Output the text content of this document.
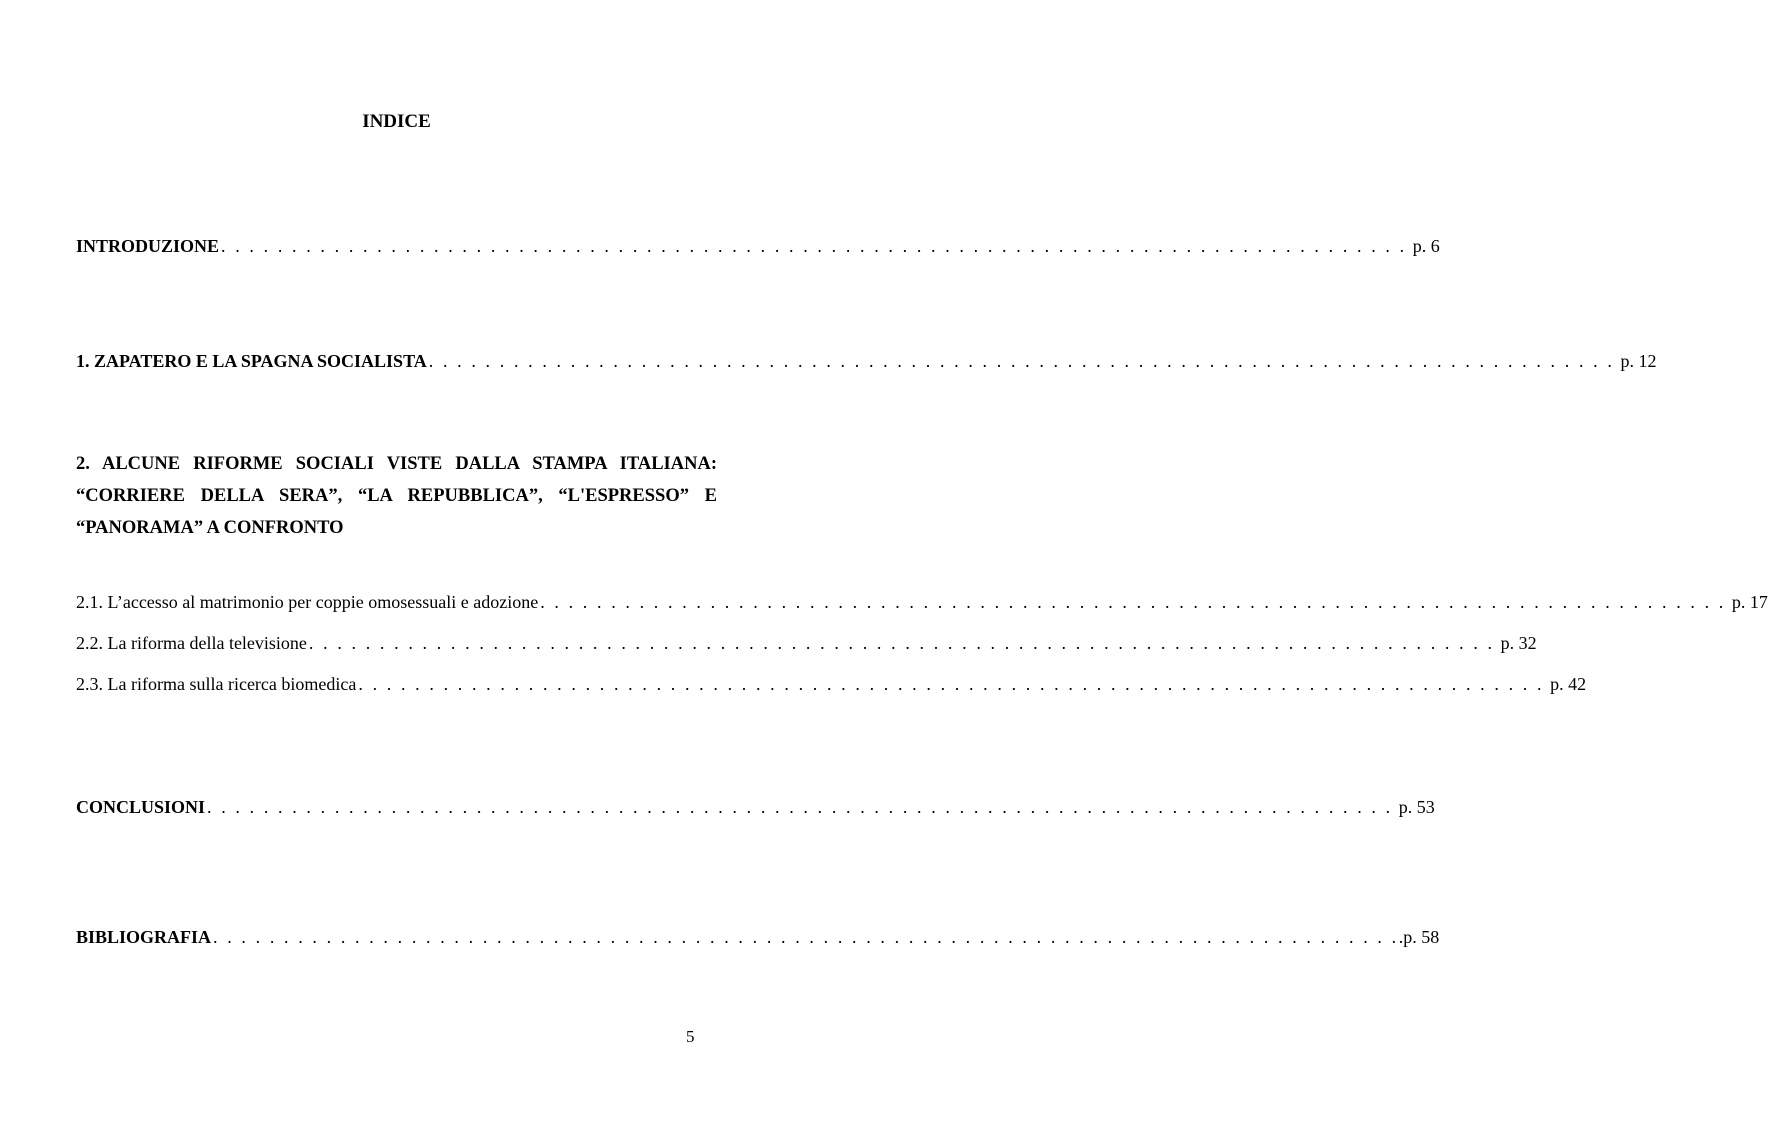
INDICE
INTRODUZIONE . . . . . . . . . . . . . . . . . . . . . . . . . . . . . . . . . . . . . . . . . . . . . . . . . . . . . . . . . . . . . . . . . . . . . . . . . . . . . . . . . . . . p. 6
1. ZAPATERO E LA SPAGNA SOCIALISTA . . . . . . . . . . . . . . . . . . . . . . . . . . . . . . . . . . . . . . . . . . . . . . . . . . . . . . . . . . . . . . . . . . . . . . . . . . . . . . . . . . . . p. 12
2. ALCUNE RIFORME SOCIALI VISTE DALLA STAMPA ITALIANA:
“CORRIERE DELLA SERA”, “LA REPUBBLICA”, “L'ESPRESSO” E
“PANORAMA” A CONFRONTO
2.1. L’accesso al matrimonio per coppie omosessuali e adozione . . . . . . . . . . . . . . . . . . . . . . . . . . . . . . . . . . . . . . . . . . . . . . . . . . . . . . . . . . . . . . . . . . . . . . . . . . . . . . . . . . . . p. 17
2.2. La riforma della televisione . . . . . . . . . . . . . . . . . . . . . . . . . . . . . . . . . . . . . . . . . . . . . . . . . . . . . . . . . . . . . . . . . . . . . . . . . . . . . . . . . . . . p. 32
2.3. La riforma sulla ricerca biomedica . . . . . . . . . . . . . . . . . . . . . . . . . . . . . . . . . . . . . . . . . . . . . . . . . . . . . . . . . . . . . . . . . . . . . . . . . . . . . . . . . . . . p. 42
CONCLUSIONI . . . . . . . . . . . . . . . . . . . . . . . . . . . . . . . . . . . . . . . . . . . . . . . . . . . . . . . . . . . . . . . . . . . . . . . . . . . . . . . . . . . . p. 53
BIBLIOGRAFIA . . . . . . . . . . . . . . . . . . . . . . . . . . . . . . . . . . . . . . . . . . . . . . . . . . . . . . . . . . . . . . . . . . . . . . . . . . . . . . . . . . . . .p. 58
5
